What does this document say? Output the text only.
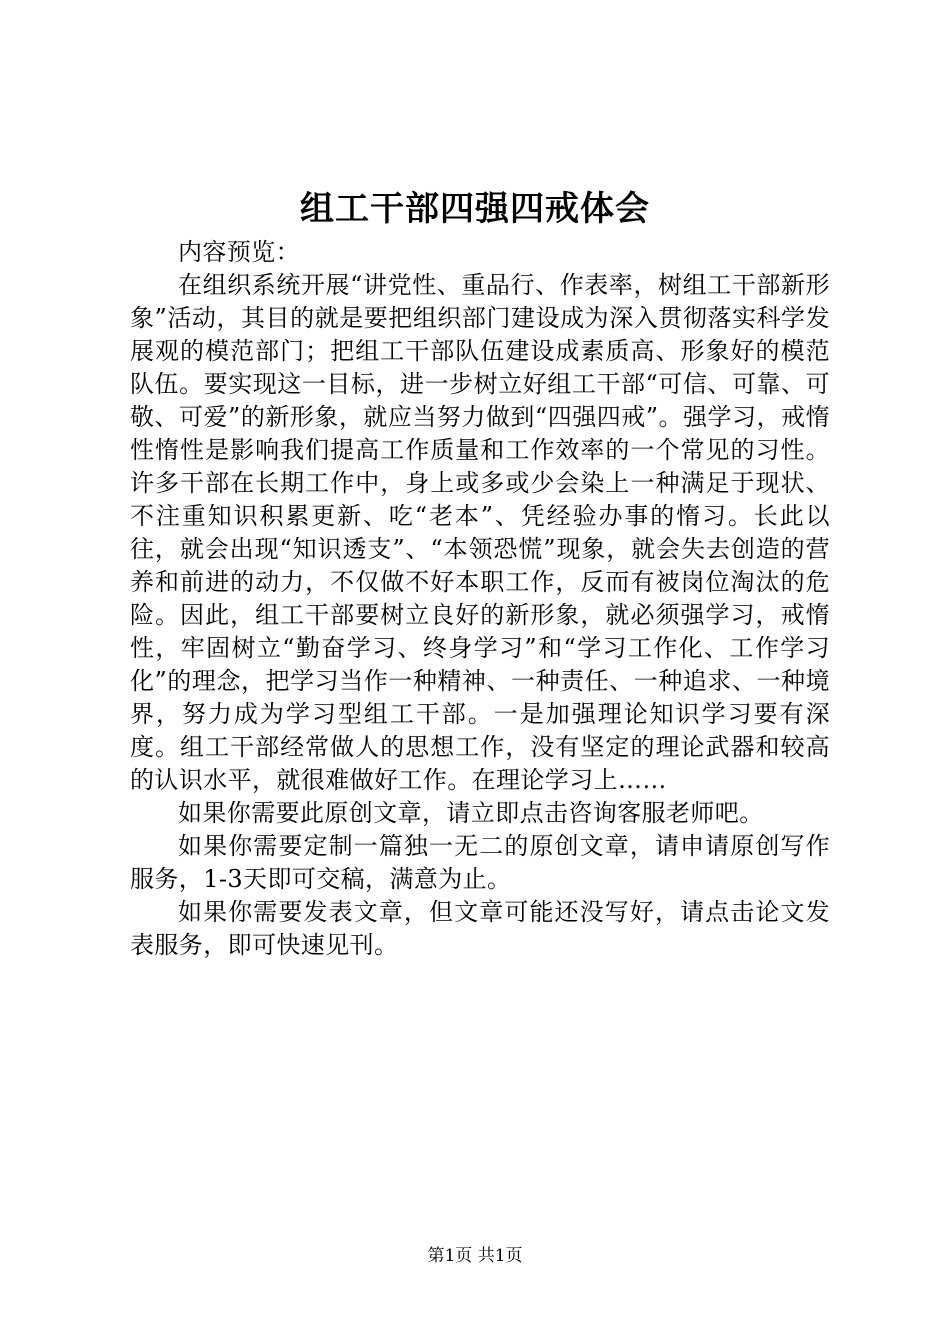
组工干部四强四戒体会

内容预览：

在组织系统开展“讲党性、重品行、作表率，树组工干部新形象”活动，其目的就是要把组织部门建设成为深入贯彻落实科学发展观的模范部门；把组工干部队伍建设成素质高、形象好的模范队伍。要实现这一目标，进一步树立好组工干部“可信、可靠、可敬、可爱”的新形象，就应当努力做到“四强四戒”。强学习，戒惰性惰性是影响我们提高工作质量和工作效率的一个常见的习性。许多干部在长期工作中，身上或多或少会染上一种满足于现状、不注重知识积累更新、吃“老本”、凭经验办事的惰习。长此以往，就会出现“知识透支”、“本领恐慌”现象，就会失去创造的营养和前进的动力，不仅做不好本职工作，反而有被岗位淘汰的危险。因此，组工干部要树立良好的新形象，就必须强学习，戒惰性，牢固树立“勤奋学习、终身学习”和“学习工作化、工作学习化”的理念，把学习当作一种精神、一种责任、一种追求、一种境界，努力成为学习型组工干部。一是加强理论知识学习要有深度。组工干部经常做人的思想工作，没有坚定的理论武器和较高的认识水平，就很难做好工作。在理论学习上……

如果你需要此原创文章，请立即点击咨询客服老师吧。

如果你需要定制一篇独一无二的原创文章，请申请原创写作服务，1-3天即可交稿，满意为止。

如果你需要发表文章，但文章可能还没写好，请点击论文发表服务，即可快速见刊。

第1页 共1页
